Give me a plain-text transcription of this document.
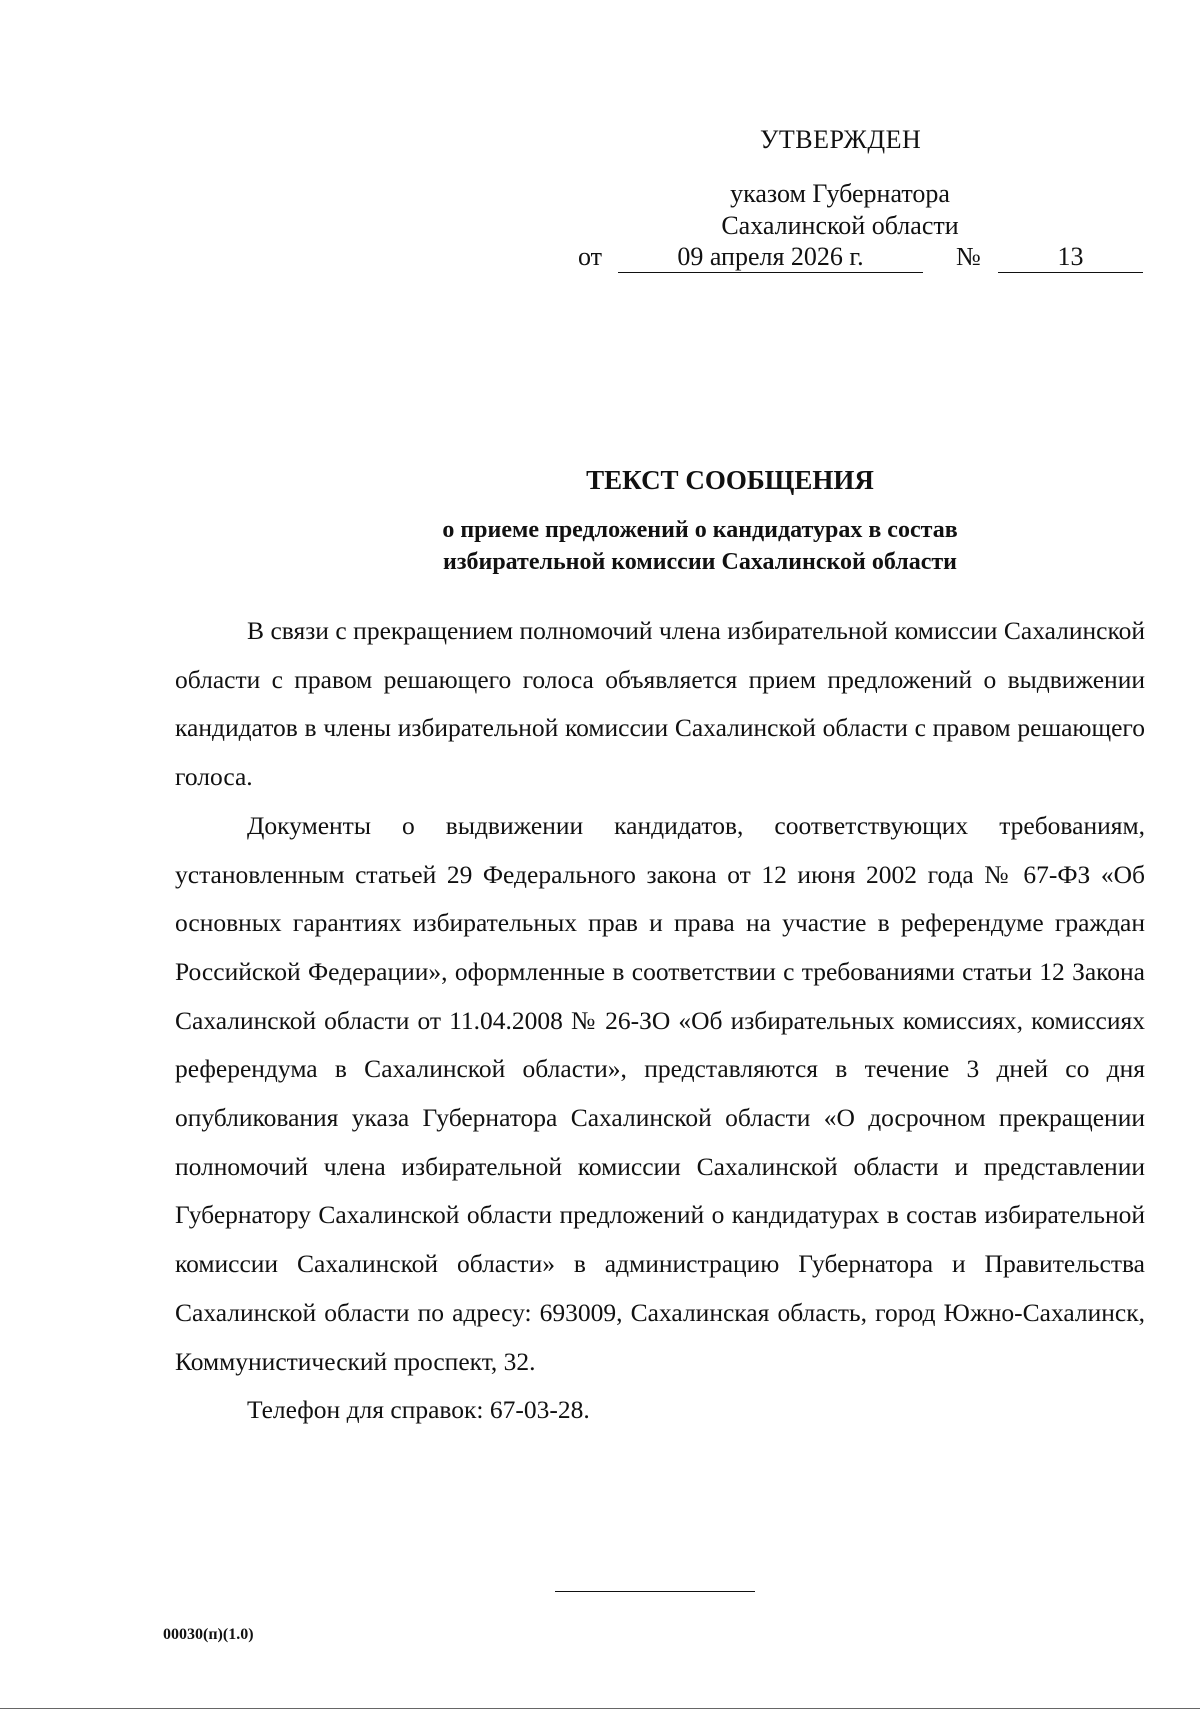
УТВЕРЖДЕН
указом Губернатора
Сахалинской области
от	09 апреля 2026 г.	№	13
ТЕКСТ СООБЩЕНИЯ
о приеме предложений о кандидатурах в состав
избирательной комиссии Сахалинской области

В связи с прекращением полномочий члена избирательной комиссии Сахалинской области с правом решающего голоса объявляется прием предложений о выдвижении кандидатов в члены избирательной комиссии Сахалинской области с правом решающего голоса.

Документы о выдвижении кандидатов, соответствующих требованиям, установленным статьей 29 Федерального закона от 12 июня 2002 года № 67-ФЗ «Об основных гарантиях избирательных прав и права на участие в референдуме граждан Российской Федерации», оформленные в соответствии с требованиями статьи 12 Закона Сахалинской области от 11.04.2008 № 26-ЗО «Об избирательных комиссиях, комиссиях референдума в Сахалинской области», представляются в течение 3 дней со дня опубликования указа Губернатора Сахалинской области «О досрочном прекращении полномочий члена избирательной комиссии Сахалинской области и представлении Губернатору Сахалинской области предложений о кандидатурах в состав избирательной комиссии Сахалинской области» в администрацию Губернатора и Правительства Сахалинской области по адресу: 693009, Сахалинская область, город Южно-Сахалинск, Коммунистический проспект, 32.

Телефон для справок: 67-03-28.

00030(п)(1.0)
